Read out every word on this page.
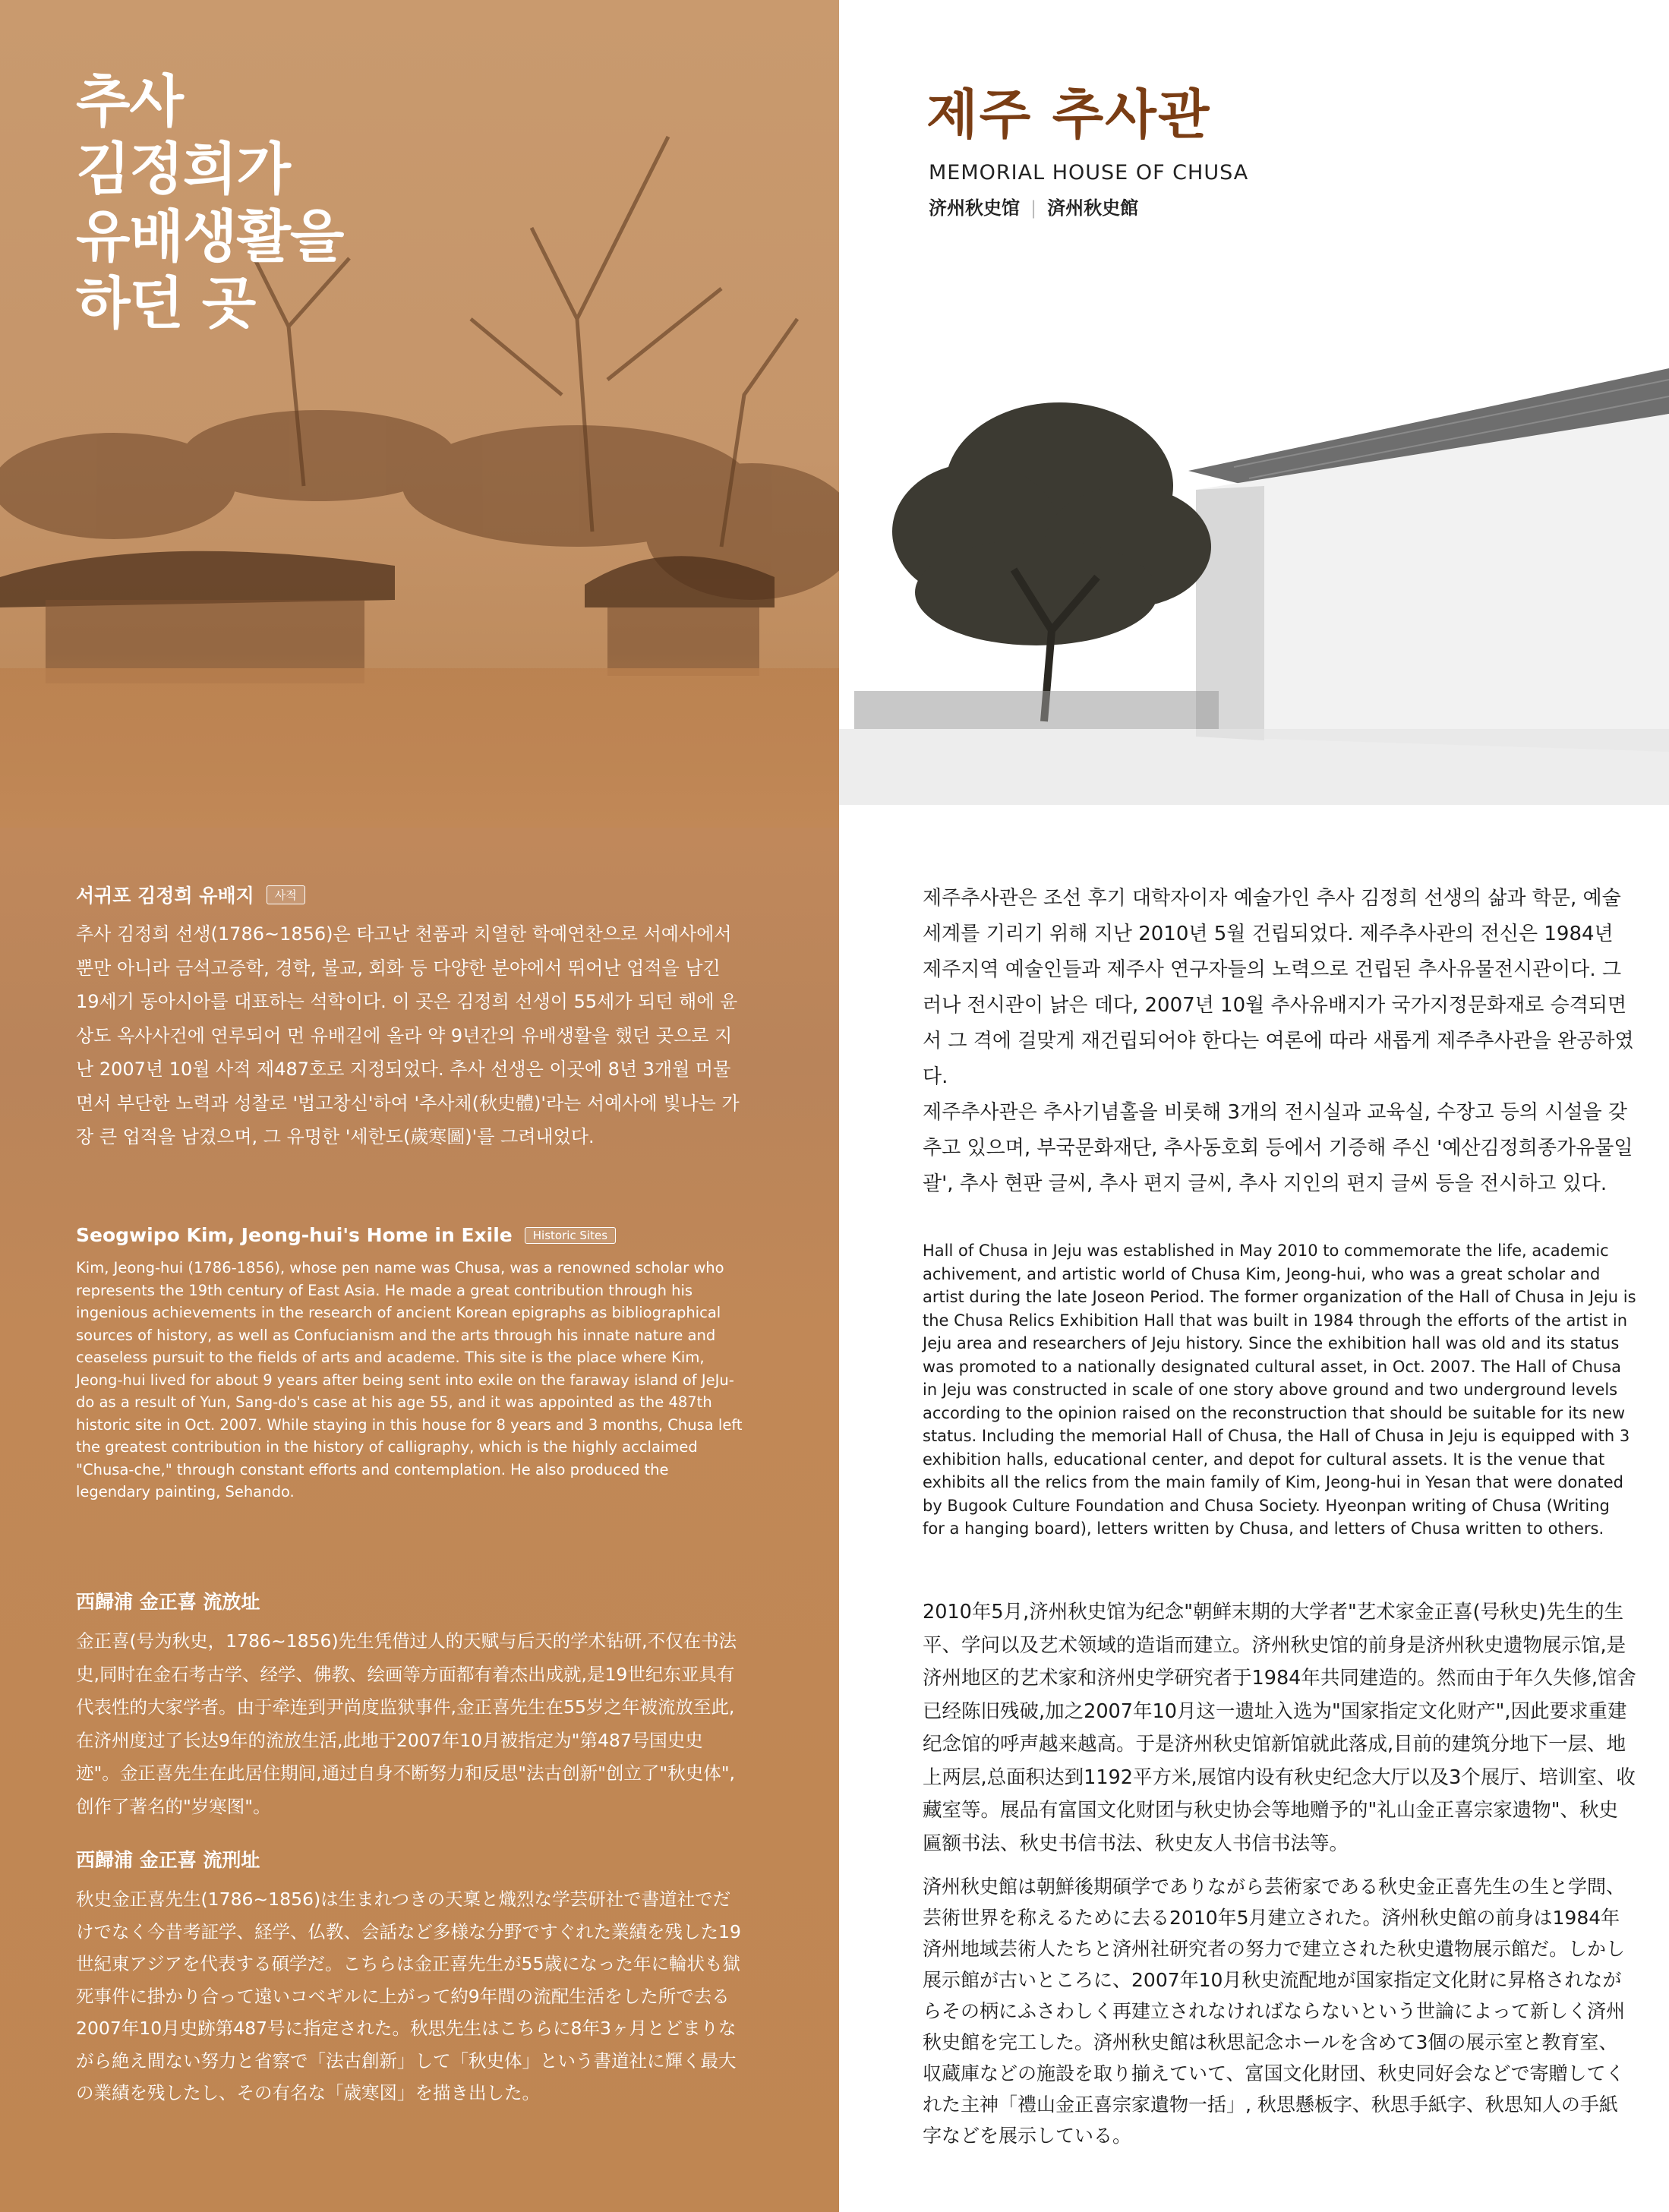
추사
김정희가
유배생활을
하던 곳
서귀포 김정희 유배지	사적

추사 김정희 선생(1786~1856)은 타고난 천품과 치열한 학예연찬으로 서예사에서 뿐만 아니라 금석고증학, 경학, 불교, 회화 등 다양한 분야에서 뛰어난 업적을 남긴 19세기 동아시아를 대표하는 석학이다. 이 곳은 김정희 선생이 55세가 되던 해에 윤상도 옥사사건에 연루되어 먼 유배길에 올라 약 9년간의 유배생활을 했던 곳으로 지난 2007년 10월 사적 제487호로 지정되었다. 추사 선생은 이곳에 8년 3개월 머물면서 부단한 노력과 성찰로 '법고창신'하여 '추사체(秋史體)'라는 서예사에 빛나는 가장 큰 업적을 남겼으며, 그 유명한 '세한도(歲寒圖)'를 그려내었다.

Seogwipo Kim, Jeong-hui's Home in Exile	Historic Sites

Kim, Jeong-hui (1786-1856), whose pen name was Chusa, was a renowned scholar who represents the 19th century of East Asia. He made a great contribution through his ingenious achievements in the research of ancient Korean epigraphs as bibliographical sources of history, as well as Confucianism and the arts through his innate nature and ceaseless pursuit to the fields of arts and academe. This site is the place where Kim, Jeong-hui lived for about 9 years after being sent into exile on the faraway island of JeJu-do as a result of Yun, Sang-do's case at his age 55, and it was appointed as the 487th historic site in Oct. 2007. While staying in this house for 8 years and 3 months, Chusa left the greatest contribution in the history of calligraphy, which is the highly acclaimed "Chusa-che," through constant efforts and contemplation. He also produced the legendary painting, Sehando.

西歸浦 金正喜 流放址

金正喜(号为秋史，1786~1856)先生凭借过人的天赋与后天的学术钻研,不仅在书法史,同时在金石考古学、经学、佛教、绘画等方面都有着杰出成就,是19世纪东亚具有代表性的大家学者。由于牵连到尹尚度监狱事件,金正喜先生在55岁之年被流放至此,在济州度过了长达9年的流放生活,此地于2007年10月被指定为"第487号国史史迹"。金正喜先生在此居住期间,通过自身不断努力和反思"法古创新"创立了"秋史体",创作了著名的"岁寒图"。

西歸浦 金正喜 流刑址

秋史金正喜先生(1786~1856)は生まれつきの天稟と熾烈な学芸研社で書道社でだけでなく今昔考証学、経学、仏教、会話など多様な分野ですぐれた業績を残した19世紀東アジアを代表する碩学だ。こちらは金正喜先生が55歳になった年に輪状も獄死事件に掛かり合って遠いコベギルに上がって約9年間の流配生活をした所で去る2007年10月史跡第487号に指定された。秋思先生はこちらに8年3ヶ月とどまりながら絶え間ない努力と省察で「法古創新」して「秋史体」という書道社に輝く最大の業績を残したし、その有名な「歳寒図」を描き出した。

제주 추사관
MEMORIAL HOUSE OF CHUSA
济州秋史馆 | 済州秋史館

제주추사관은 조선 후기 대학자이자 예술가인 추사 김정희 선생의 삶과 학문, 예술세계를 기리기 위해 지난 2010년 5월 건립되었다. 제주추사관의 전신은 1984년 제주지역 예술인들과 제주사 연구자들의 노력으로 건립된 추사유물전시관이다. 그러나 전시관이 낡은 데다, 2007년 10월 추사유배지가 국가지정문화재로 승격되면서 그 격에 걸맞게 재건립되어야 한다는 여론에 따라 새롭게 제주추사관을 완공하였다.

제주추사관은 추사기념홀을 비롯해 3개의 전시실과 교육실, 수장고 등의 시설을 갖추고 있으며, 부국문화재단, 추사동호회 등에서 기증해 주신 '예산김정희종가유물일괄', 추사 현판 글씨, 추사 편지 글씨, 추사 지인의 편지 글씨 등을 전시하고 있다.

Hall of Chusa in Jeju was established in May 2010 to commemorate the life, academic achivement, and artistic world of Chusa Kim, Jeong-hui, who was a great scholar and artist during the late Joseon Period. The former organization of the Hall of Chusa in Jeju is the Chusa Relics Exhibition Hall that was built in 1984 through the efforts of the artist in Jeju area and researchers of Jeju history. Since the exhibition hall was old and its status was promoted to a nationally designated cultural asset, in Oct. 2007. The Hall of Chusa in Jeju was constructed in scale of one story above ground and two underground levels according to the opinion raised on the reconstruction that should be suitable for its new status. Including the memorial Hall of Chusa, the Hall of Chusa in Jeju is equipped with 3 exhibition halls, educational center, and depot for cultural assets. It is the venue that exhibits all the relics from the main family of Kim, Jeong-hui in Yesan that were donated by Bugook Culture Foundation and Chusa Society. Hyeonpan writing of Chusa (Writing for a hanging board), letters written by Chusa, and letters of Chusa written to others.

2010年5月,济州秋史馆为纪念"朝鲜末期的大学者"艺术家金正喜(号秋史)先生的生平、学问以及艺术领域的造诣而建立。济州秋史馆的前身是济州秋史遗物展示馆,是济州地区的艺术家和济州史学研究者于1984年共同建造的。然而由于年久失修,馆舍已经陈旧残破,加之2007年10月这一遗址入选为"国家指定文化财产",因此要求重建纪念馆的呼声越来越高。于是济州秋史馆新馆就此落成,目前的建筑分地下一层、地上两层,总面积达到1192平方米,展馆内设有秋史纪念大厅以及3个展厅、培训室、收藏室等。展品有富国文化财团与秋史协会等地赠予的"礼山金正喜宗家遗物"、秋史匾额书法、秋史书信书法、秋史友人书信书法等。

済州秋史館は朝鮮後期碩学でありながら芸術家である秋史金正喜先生の生と学問、芸術世界を称えるために去る2010年5月建立された。済州秋史館の前身は1984年済州地域芸術人たちと済州社研究者の努力で建立された秋史遺物展示館だ。しかし展示館が古いところに、2007年10月秋史流配地が国家指定文化財に昇格されながらその柄にふさわしく再建立されなければならないという世論によって新しく済州秋史館を完工した。済州秋史館は秋思記念ホールを含めて3個の展示室と教育室、収蔵庫などの施設を取り揃えていて、富国文化財団、秋史同好会などで寄贈してくれた主神「禮山金正喜宗家遺物一括」, 秋思懸板字、秋思手紙字、秋思知人の手紙字などを展示している。
